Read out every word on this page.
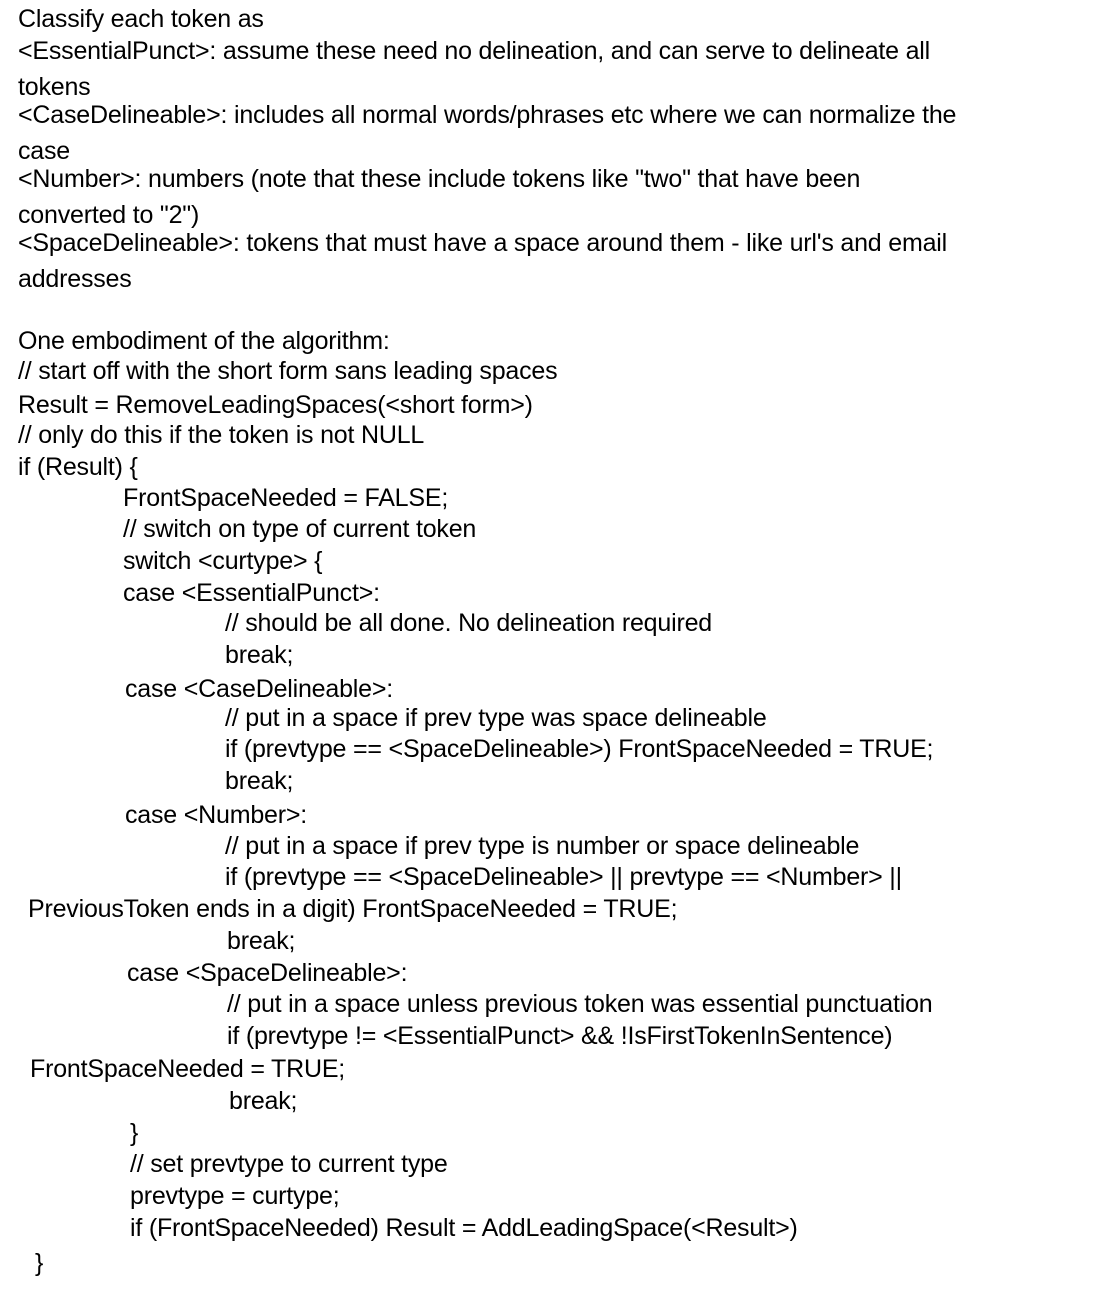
Classify each token as
<EssentialPunct>: assume these need no delineation, and can serve to delineate all
tokens
<CaseDelineable>: includes all normal words/phrases etc where we can normalize the
case
<Number>: numbers (note that these include tokens like "two" that have been
converted to "2")
<SpaceDelineable>: tokens that must have a space around them - like url's and email
addresses
One embodiment of the algorithm:
// start off with the short form sans leading spaces
Result = RemoveLeadingSpaces(<short form>)
// only do this if the token is not NULL
if (Result) {
FrontSpaceNeeded = FALSE;
// switch on type of current token
switch <curtype> {
case <EssentialPunct>:
// should be all done. No delineation required
break;
case <CaseDelineable>:
// put in a space if prev type was space delineable
if (prevtype == <SpaceDelineable>) FrontSpaceNeeded = TRUE;
break;
case <Number>:
// put in a space if prev type is number or space delineable
if (prevtype == <SpaceDelineable> || prevtype == <Number> ||
PreviousToken ends in a digit) FrontSpaceNeeded = TRUE;
break;
case <SpaceDelineable>:
// put in a space unless previous token was essential punctuation
if (prevtype != <EssentialPunct> && !IsFirstTokenInSentence)
FrontSpaceNeeded = TRUE;
break;
}
// set prevtype to current type
prevtype = curtype;
if (FrontSpaceNeeded) Result = AddLeadingSpace(<Result>)
}
